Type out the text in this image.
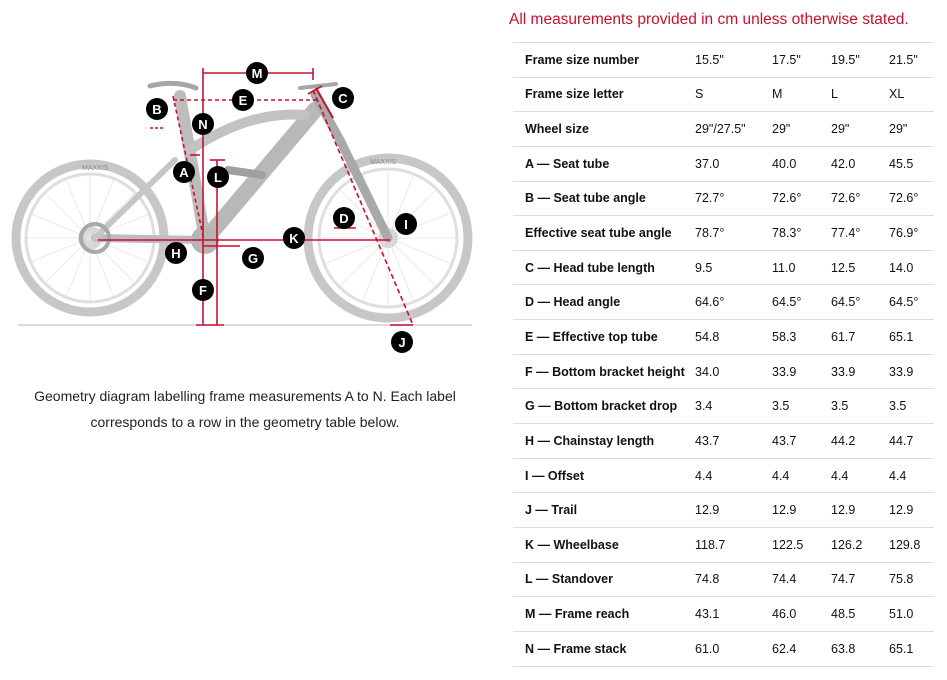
All measurements provided in cm unless otherwise stated.
MAXXIS
MAXXIS
A
B
C
D
E
F
G
H
I
J
K
L
M
N
Geometry diagram labelling frame measurements A to N. Each label corresponds to a row in the geometry table below.
Frame size number	15.5"	17.5"	19.5"	21.5"
Frame size letter	S	M	L	XL
Wheel size	29"/27.5"	29"	29"	29"
A — Seat tube	37.0	40.0	42.0	45.5
B — Seat tube angle	72.7°	72.6°	72.6°	72.6°
Effective seat tube angle	78.7°	78.3°	77.4°	76.9°
C — Head tube length	9.5	11.0	12.5	14.0
D — Head angle	64.6°	64.5°	64.5°	64.5°
E — Effective top tube	54.8	58.3	61.7	65.1
F — Bottom bracket height	34.0	33.9	33.9	33.9
G — Bottom bracket drop	3.4	3.5	3.5	3.5
H — Chainstay length	43.7	43.7	44.2	44.7
I — Offset	4.4	4.4	4.4	4.4
J — Trail	12.9	12.9	12.9	12.9
K — Wheelbase	118.7	122.5	126.2	129.8
L — Standover	74.8	74.4	74.7	75.8
M — Frame reach	43.1	46.0	48.5	51.0
N — Frame stack	61.0	62.4	63.8	65.1
